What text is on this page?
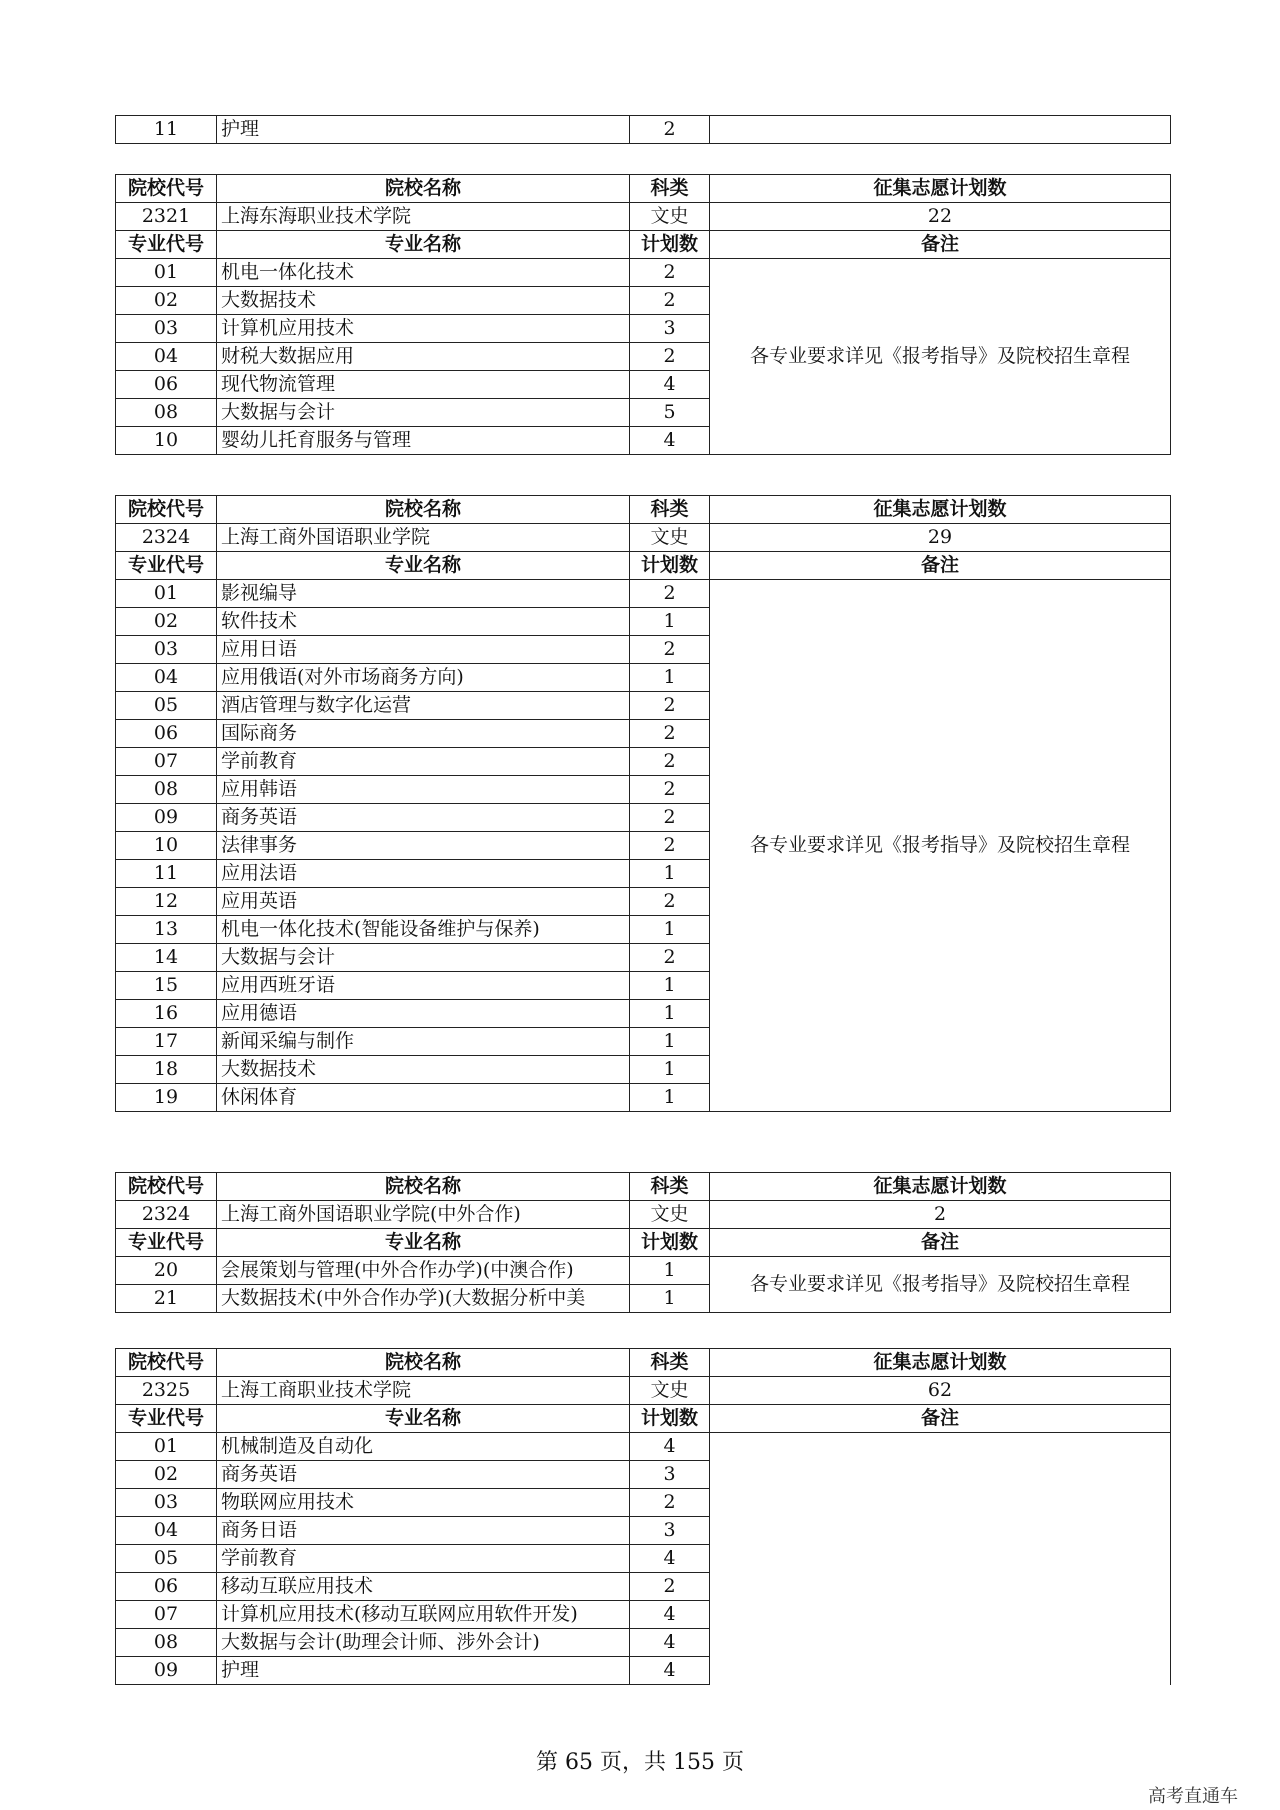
11	护理	2	
院校代号	院校名称	科类	征集志愿计划数
2321	上海东海职业技术学院	文史	22
专业代号	专业名称	计划数	备注
01	机电一体化技术	2	各专业要求详见《报考指导》及院校招生章程
02	大数据技术	2	
03	计算机应用技术	3	
04	财税大数据应用	2	
06	现代物流管理	4	
08	大数据与会计	5	
10	婴幼儿托育服务与管理	4	
院校代号	院校名称	科类	征集志愿计划数
2324	上海工商外国语职业学院	文史	29
专业代号	专业名称	计划数	备注
01	影视编导	2	各专业要求详见《报考指导》及院校招生章程
02	软件技术	1	
03	应用日语	2	
04	应用俄语(对外市场商务方向)	1	
05	酒店管理与数字化运营	2	
06	国际商务	2	
07	学前教育	2	
08	应用韩语	2	
09	商务英语	2	
10	法律事务	2	
11	应用法语	1	
12	应用英语	2	
13	机电一体化技术(智能设备维护与保养)	1	
14	大数据与会计	2	
15	应用西班牙语	1	
16	应用德语	1	
17	新闻采编与制作	1	
18	大数据技术	1	
19	休闲体育	1	
院校代号	院校名称	科类	征集志愿计划数
2324	上海工商外国语职业学院(中外合作)	文史	2
专业代号	专业名称	计划数	备注
20	会展策划与管理(中外合作办学)(中澳合作)	1	各专业要求详见《报考指导》及院校招生章程
21	大数据技术(中外合作办学)(大数据分析中美	1	
院校代号	院校名称	科类	征集志愿计划数
2325	上海工商职业技术学院	文史	62
专业代号	专业名称	计划数	备注
01	机械制造及自动化	4	
02	商务英语	3	
03	物联网应用技术	2	
04	商务日语	3	
05	学前教育	4	
06	移动互联应用技术	2	
07	计算机应用技术(移动互联网应用软件开发)	4	
08	大数据与会计(助理会计师、涉外会计)	4	
09	护理	4	
第 65 页，共 155 页
高考直通车
